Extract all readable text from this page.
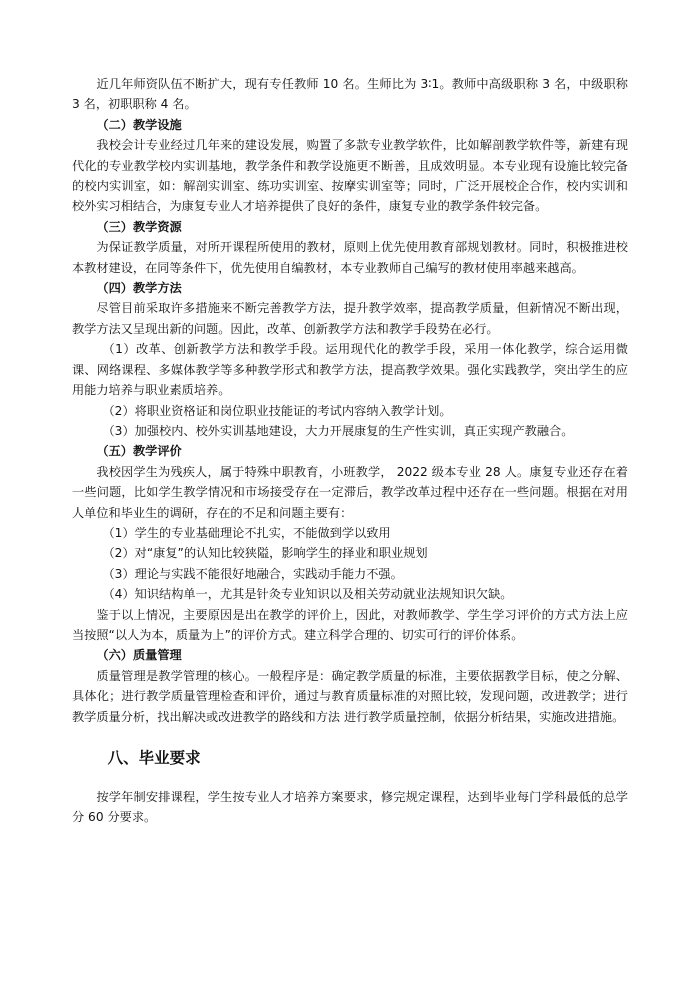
近几年师资队伍不断扩大，现有专任教师 10 名。生师比为 3∶1。教师中高级职称 3 名，中级职称 3 名，初职职称 4 名。

（二）教学设施

我校会计专业经过几年来的建设发展，购置了多款专业教学软件，比如解剖教学软件等，新建有现代化的专业教学校内实训基地，教学条件和教学设施更不断善，且成效明显。本专业现有设施比较完备的校内实训室，如：解剖实训室、练功实训室、按摩实训室等；同时，广泛开展校企合作，校内实训和校外实习相结合，为康复专业人才培养提供了良好的条件，康复专业的教学条件较完备。

（三）教学资源

为保证教学质量，对所开课程所使用的教材，原则上优先使用教育部规划教材。同时，积极推进校本教材建设，在同等条件下，优先使用自编教材，本专业教师自己编写的教材使用率越来越高。

（四）教学方法

尽管目前采取许多措施来不断完善教学方法，提升教学效率，提高教学质量，但新情况不断出现，教学方法又呈现出新的问题。因此，改革、创新教学方法和教学手段势在必行。

（1）改革、创新教学方法和教学手段。运用现代化的教学手段，采用一体化教学，综合运用微课、网络课程、多媒体教学等多种教学形式和教学方法，提高教学效果。强化实践教学，突出学生的应用能力培养与职业素质培养。

（2）将职业资格证和岗位职业技能证的考试内容纳入教学计划。

（3）加强校内、校外实训基地建设，大力开展康复的生产性实训，真正实现产教融合。

（五）教学评价

我校因学生为残疾人，属于特殊中职教育，小班教学， 2022 级本专业 28 人。康复专业还存在着一些问题，比如学生教学情况和市场接受存在一定滞后，教学改革过程中还存在一些问题。根据在对用人单位和毕业生的调研，存在的不足和问题主要有：

（1）学生的专业基础理论不扎实，不能做到学以致用

（2）对“康复”的认知比较狭隘，影响学生的择业和职业规划

（3）理论与实践不能很好地融合，实践动手能力不强。

（4）知识结构单一，尤其是针灸专业知识以及相关劳动就业法规知识欠缺。

鉴于以上情况，主要原因是出在教学的评价上，因此，对教师教学、学生学习评价的方式方法上应当按照“以人为本，质量为上”的评价方式。建立科学合理的、切实可行的评价体系。

（六）质量管理

质量管理是教学管理的核心。一般程序是：确定教学质量的标准，主要依据教学目标，使之分解、具体化；进行教学质量管理检查和评价，通过与教育质量标准的对照比较，发现问题，改进教学；进行教学质量分析，找出解决或改进教学的路线和方法 进行教学质量控制，依据分析结果，实施改进措施。

八、毕业要求

按学年制安排课程，学生按专业人才培养方案要求，修完规定课程，达到毕业每门学科最低的总学分 60 分要求。
